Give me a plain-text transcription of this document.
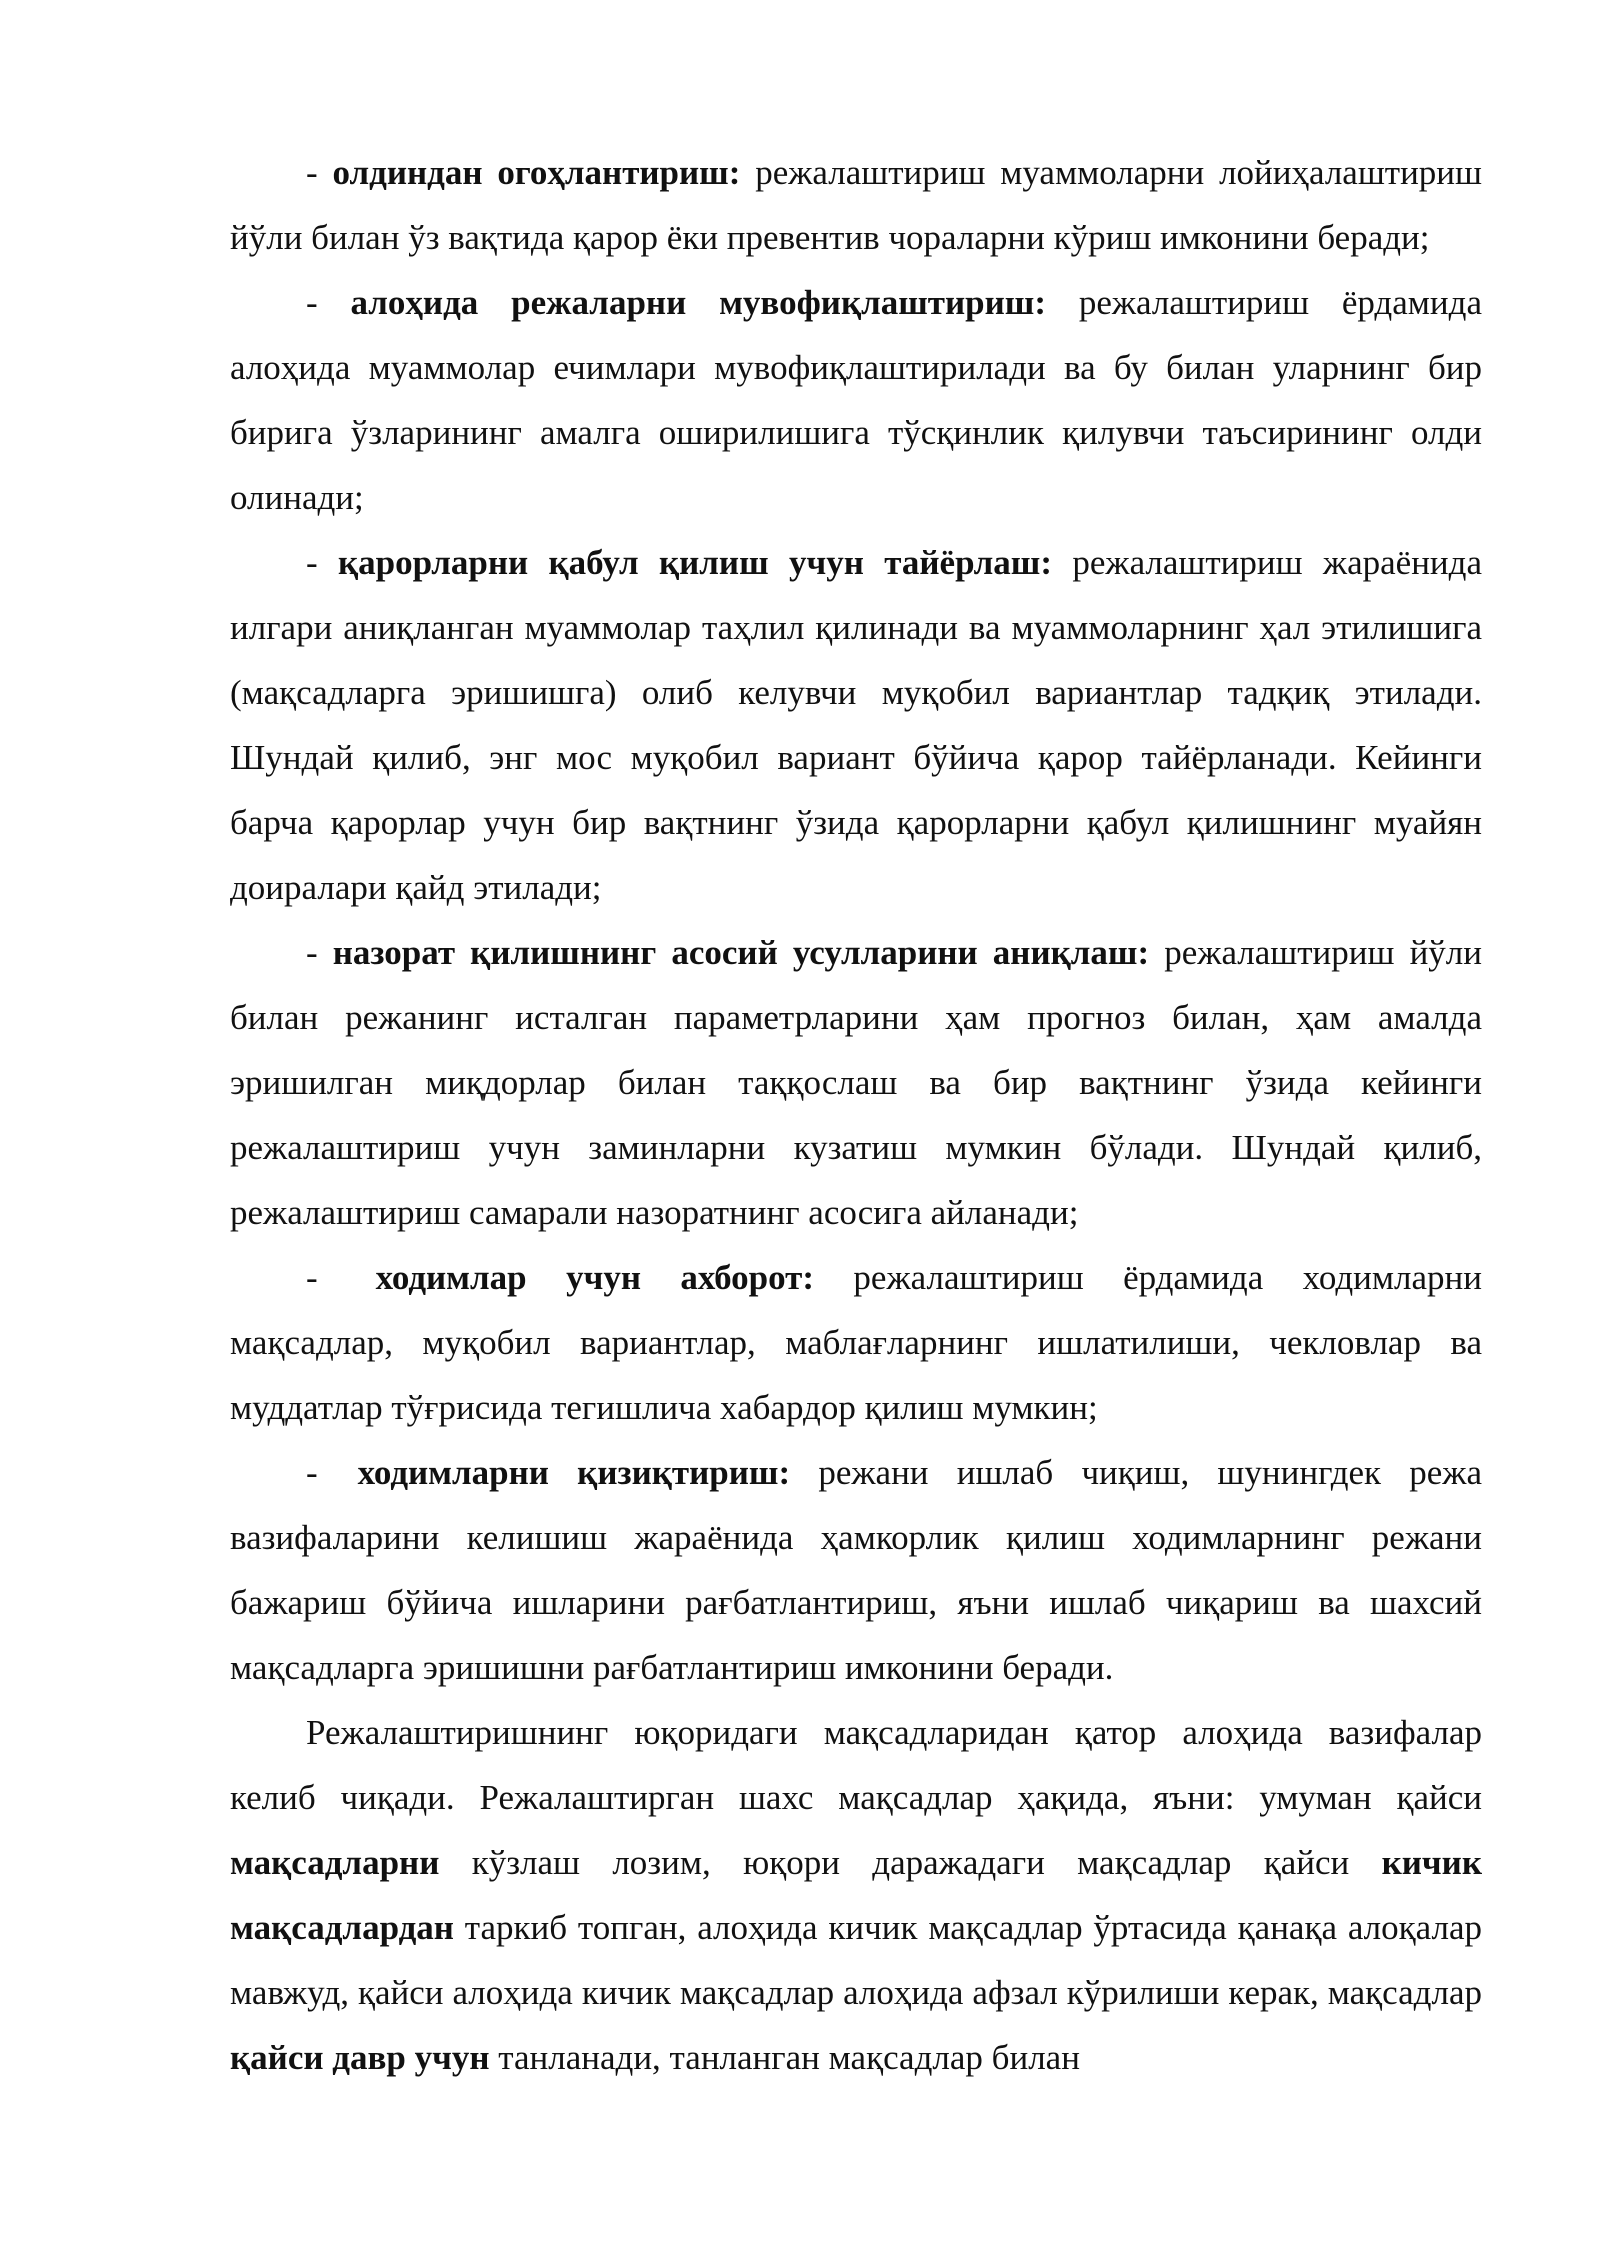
- олдиндан огоҳлантириш: режалаштириш муаммоларни лойиҳалаштириш йўли билан ўз вақтида қарор ёки превентив чораларни кўриш имконини беради;

- алоҳида режаларни мувофиқлаштириш: режалаштириш ёрдамида алоҳида муаммолар ечимлари мувофиқлаштирилади ва бу билан уларнинг бир бирига ўзларининг амалга оширилишига тўсқинлик қилувчи таъсирининг олди олинади;

- қарорларни қабул қилиш учун тайёрлаш: режалаштириш жараёнида илгари аниқланган муаммолар таҳлил қилинади ва муаммоларнинг ҳал этилишига (мақсадларга эришишга) олиб келувчи муқобил вариантлар тадқиқ этилади. Шундай қилиб, энг мос муқобил вариант бўйича қарор тайёрланади. Кейинги барча қарорлар учун бир вақтнинг ўзида қарорларни қабул қилишнинг муайян доиралари қайд этилади;

- назорат қилишнинг асосий усулларини аниқлаш: режалаштириш йўли билан режанинг исталган параметрларини ҳам прогноз билан, ҳам амалда эришилган миқдорлар билан таққослаш ва бир вақтнинг ўзида кейинги режалаштириш учун заминларни кузатиш мумкин бўлади. Шундай қилиб, режалаштириш самарали назоратнинг асосига айланади;

- ходимлар учун ахборот: режалаштириш ёрдамида ходимларни мақсадлар, муқобил вариантлар, маблағларнинг ишлатилиши, чекловлар ва муддатлар тўғрисида тегишлича хабардор қилиш мумкин;

- ходимларни қизиқтириш: режани ишлаб чиқиш, шунингдек режа вазифаларини келишиш жараёнида ҳамкорлик қилиш ходимларнинг режани бажариш бўйича ишларини рағбатлантириш, яъни ишлаб чиқариш ва шахсий мақсадларга эришишни рағбатлантириш имконини беради.

Режалаштиришнинг юқоридаги мақсадларидан қатор алоҳида вазифалар келиб чиқади. Режалаштирган шахс мақсадлар ҳақида, яъни: умуман қайси мақсадларни кўзлаш лозим, юқори даражадаги мақсадлар қайси кичик мақсадлардан таркиб топган, алоҳида кичик мақсадлар ўртасида қанақа алоқалар мавжуд, қайси алоҳида кичик мақсадлар алоҳида афзал кўрилиши керак, мақсадлар қайси давр учун танланади, танланган мақсадлар билан
